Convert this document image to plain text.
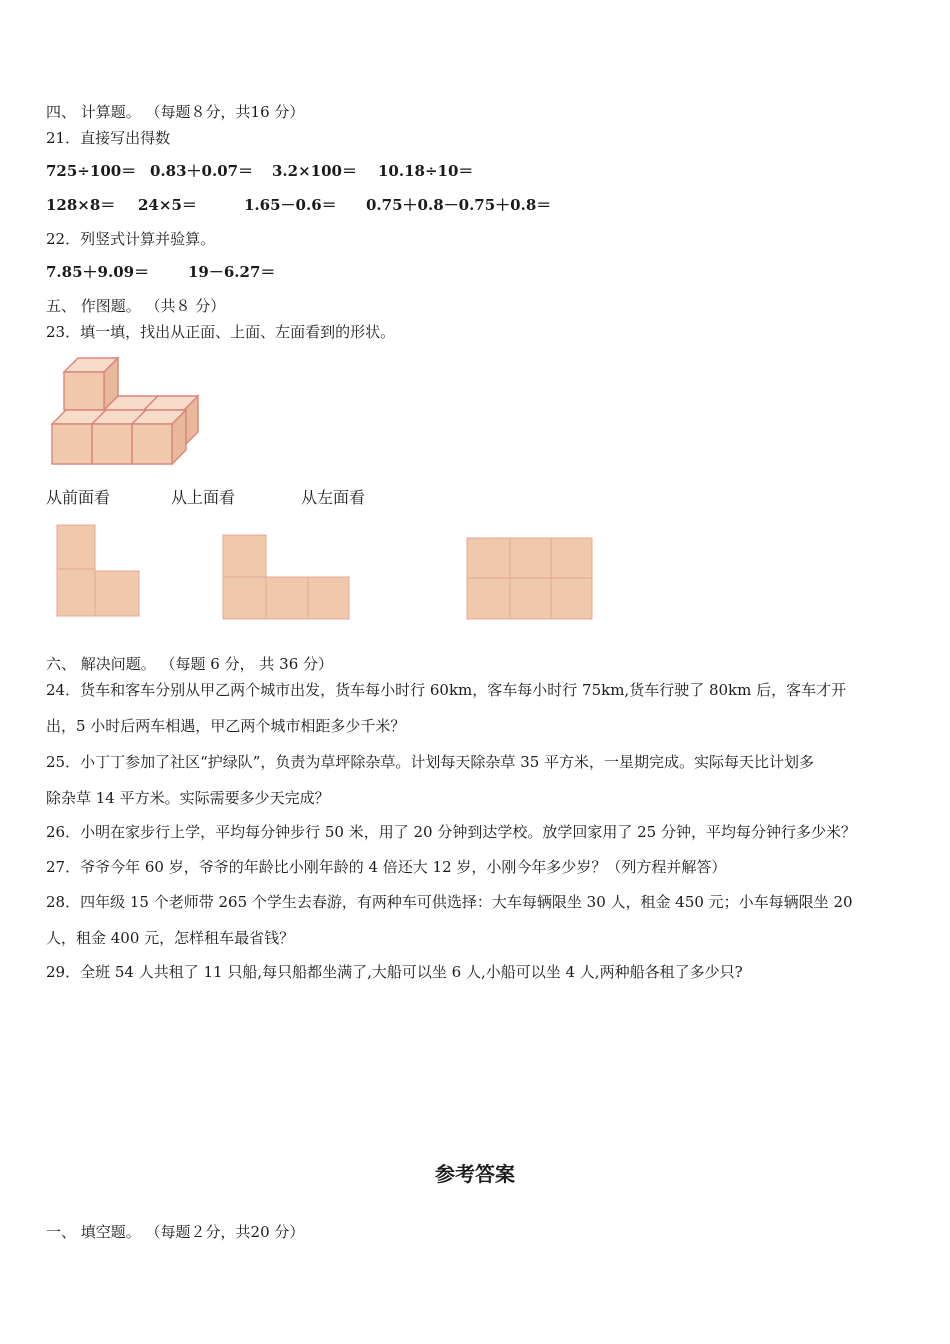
四、 计算题。 （每题８分，共16 分）
21．直接写出得数
725÷100＝ 0.83＋0.07＝ 3.2×100＝ 10.18÷10＝
128×8＝ 24×5＝	1.65－0.6＝ 0.75＋0.8－0.75＋0.8＝
22．列竖式计算并验算。
7.85＋9.09＝	19－6.27＝
五、 作图题。 （共８ 分）
23．填一填，找出从正面、上面、左面看到的形状。
从前面看	从上面看	从左面看
六、 解决问题。 （每题 6 分， 共 36 分）
24．货车和客车分别从甲乙两个城市出发，货车每小时行 60km，客车每小时行 75km,货车行驶了 80km 后，客车才开
出，5 小时后两车相遇，甲乙两个城市相距多少千米？
25．小丁丁参加了社区“护绿队”，负责为草坪除杂草。计划每天除杂草 35 平方米，一星期完成。实际每天比计划多
除杂草 14 平方米。实际需要多少天完成？
26．小明在家步行上学，平均每分钟步行 50 米，用了 20 分钟到达学校。放学回家用了 25 分钟，平均每分钟行多少米？
27．爷爷今年 60 岁，爷爷的年龄比小刚年龄的 4 倍还大 12 岁，小刚今年多少岁？（列方程并解答）
28．四年级 15 个老师带 265 个学生去春游，有两种车可供选择：大车每辆限坐 30 人，租金 450 元；小车每辆限坐 20
人，租金 400 元，怎样租车最省钱？
29．全班 54 人共租了 11 只船,每只船都坐满了,大船可以坐 6 人,小船可以坐 4 人,两种船各租了多少只?
参考答案
一、 填空题。 （每题２分，共20 分）
